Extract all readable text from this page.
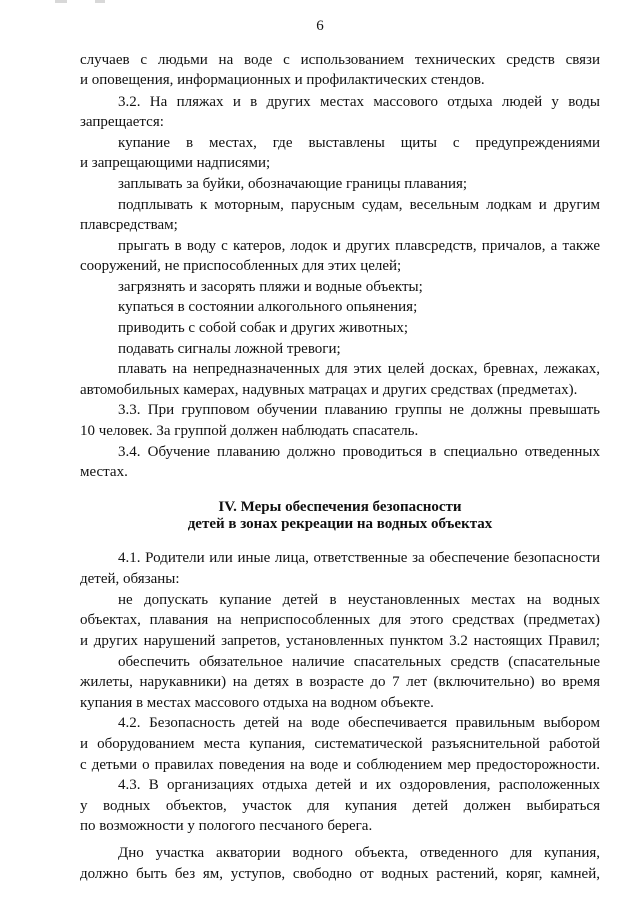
6
случаев с людьми на воде с использованием технических средств связи
и оповещения, информационных и профилактических стендов.
3.2. На пляжах и в других местах массового отдыха людей у воды
запрещается:
купание в местах, где выставлены щиты с предупреждениями
и запрещающими надписями;
заплывать за буйки, обозначающие границы плавания;
подплывать к моторным, парусным судам, весельным лодкам и другим
плавсредствам;
прыгать в воду с катеров, лодок и других плавсредств, причалов, а также
сооружений, не приспособленных для этих целей;
загрязнять и засорять пляжи и водные объекты;
купаться в состоянии алкогольного опьянения;
приводить с собой собак и других животных;
подавать сигналы ложной тревоги;
плавать на непредназначенных для этих целей досках, бревнах, лежаках,
автомобильных камерах, надувных матрацах и других средствах (предметах).
3.3. При групповом обучении плаванию группы не должны превышать
10 человек. За группой должен наблюдать спасатель.
3.4. Обучение плаванию должно проводиться в специально отведенных
местах.
IV. Меры обеспечения безопасности
детей в зонах рекреации на водных объектах
4.1. Родители или иные лица, ответственные за обеспечение безопасности
детей, обязаны:
не допускать купание детей в неустановленных местах на водных
объектах, плавания на неприспособленных для этого средствах (предметах)
и других нарушений запретов, установленных пунктом 3.2 настоящих Правил;
обеспечить обязательное наличие спасательных средств (спасательные
жилеты, нарукавники) на детях в возрасте до 7 лет (включительно) во время
купания в местах массового отдыха на водном объекте.
4.2. Безопасность детей на воде обеспечивается правильным выбором
и оборудованием места купания, систематической разъяснительной работой
с детьми о правилах поведения на воде и соблюдением мер предосторожности.
4.3. В организациях отдыха детей и их оздоровления, расположенных
у водных объектов, участок для купания детей должен выбираться
по возможности у пологого песчаного берега.
Дно участка акватории водного объекта, отведенного для купания,
должно быть без ям, уступов, свободно от водных растений, коряг, камней,
